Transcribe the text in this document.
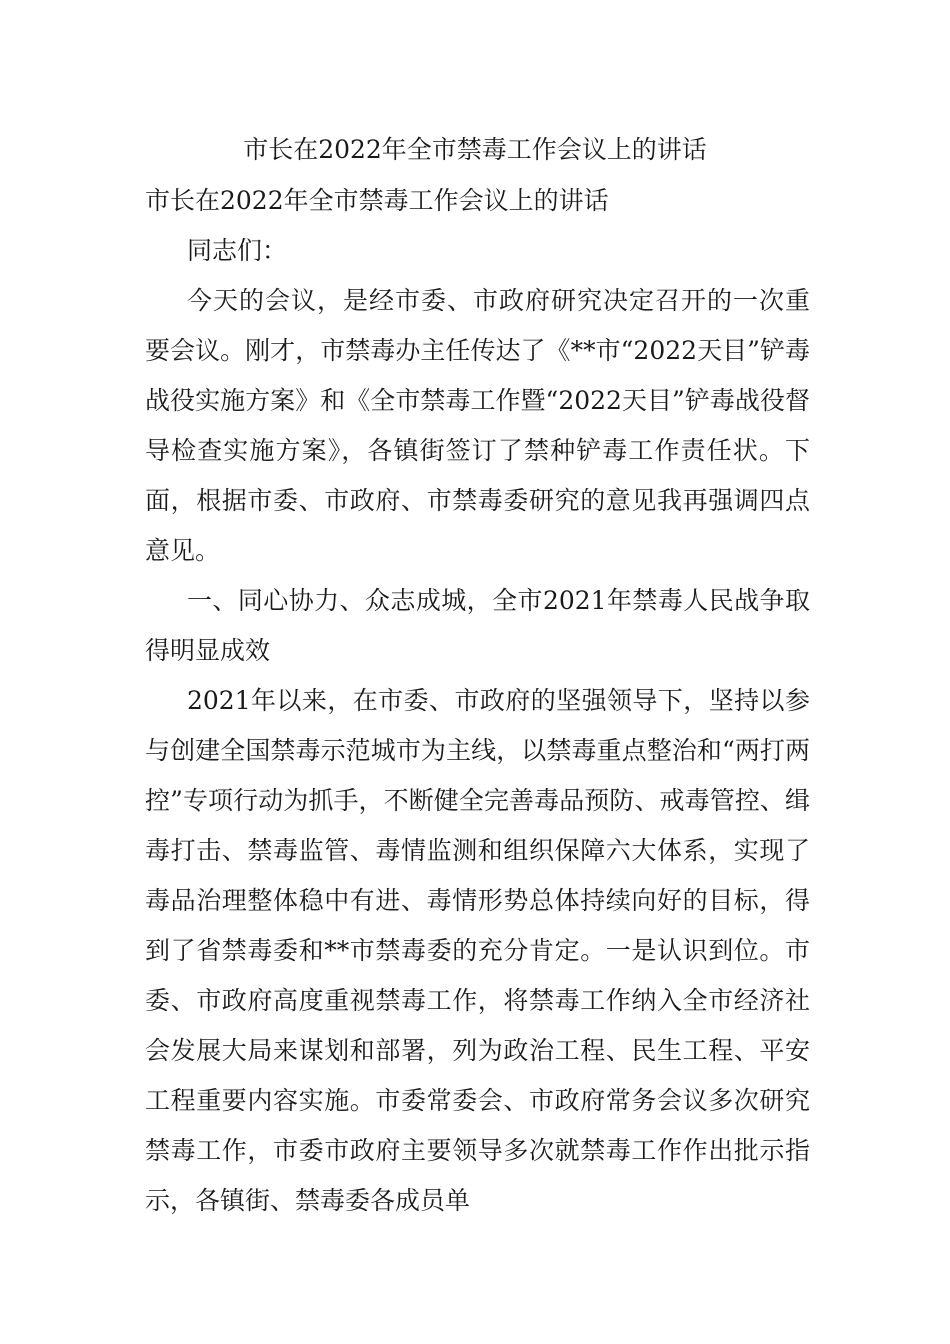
市长在2022年全市禁毒工作会议上的讲话

市长在2022年全市禁毒工作会议上的讲话

同志们：

今天的会议，是经市委、市政府研究决定召开的一次重要会议。刚才，市禁毒办主任传达了《**市“2022天目”铲毒战役实施方案》和《全市禁毒工作暨“2022天目”铲毒战役督导检查实施方案》，各镇街签订了禁种铲毒工作责任状。下面，根据市委、市政府、市禁毒委研究的意见我再强调四点意见。

一、同心协力、众志成城，全市2021年禁毒人民战争取得明显成效

2021年以来，在市委、市政府的坚强领导下，坚持以参与创建全国禁毒示范城市为主线，以禁毒重点整治和“两打两控”专项行动为抓手，不断健全完善毒品预防、戒毒管控、缉毒打击、禁毒监管、毒情监测和组织保障六大体系，实现了毒品治理整体稳中有进、毒情形势总体持续向好的目标，得到了省禁毒委和**市禁毒委的充分肯定。一是认识到位。市委、市政府高度重视禁毒工作，将禁毒工作纳入全市经济社会发展大局来谋划和部署，列为政治工程、民生工程、平安工程重要内容实施。市委常委会、市政府常务会议多次研究禁毒工作，市委市政府主要领导多次就禁毒工作作出批示指示，各镇街、禁毒委各成员单
